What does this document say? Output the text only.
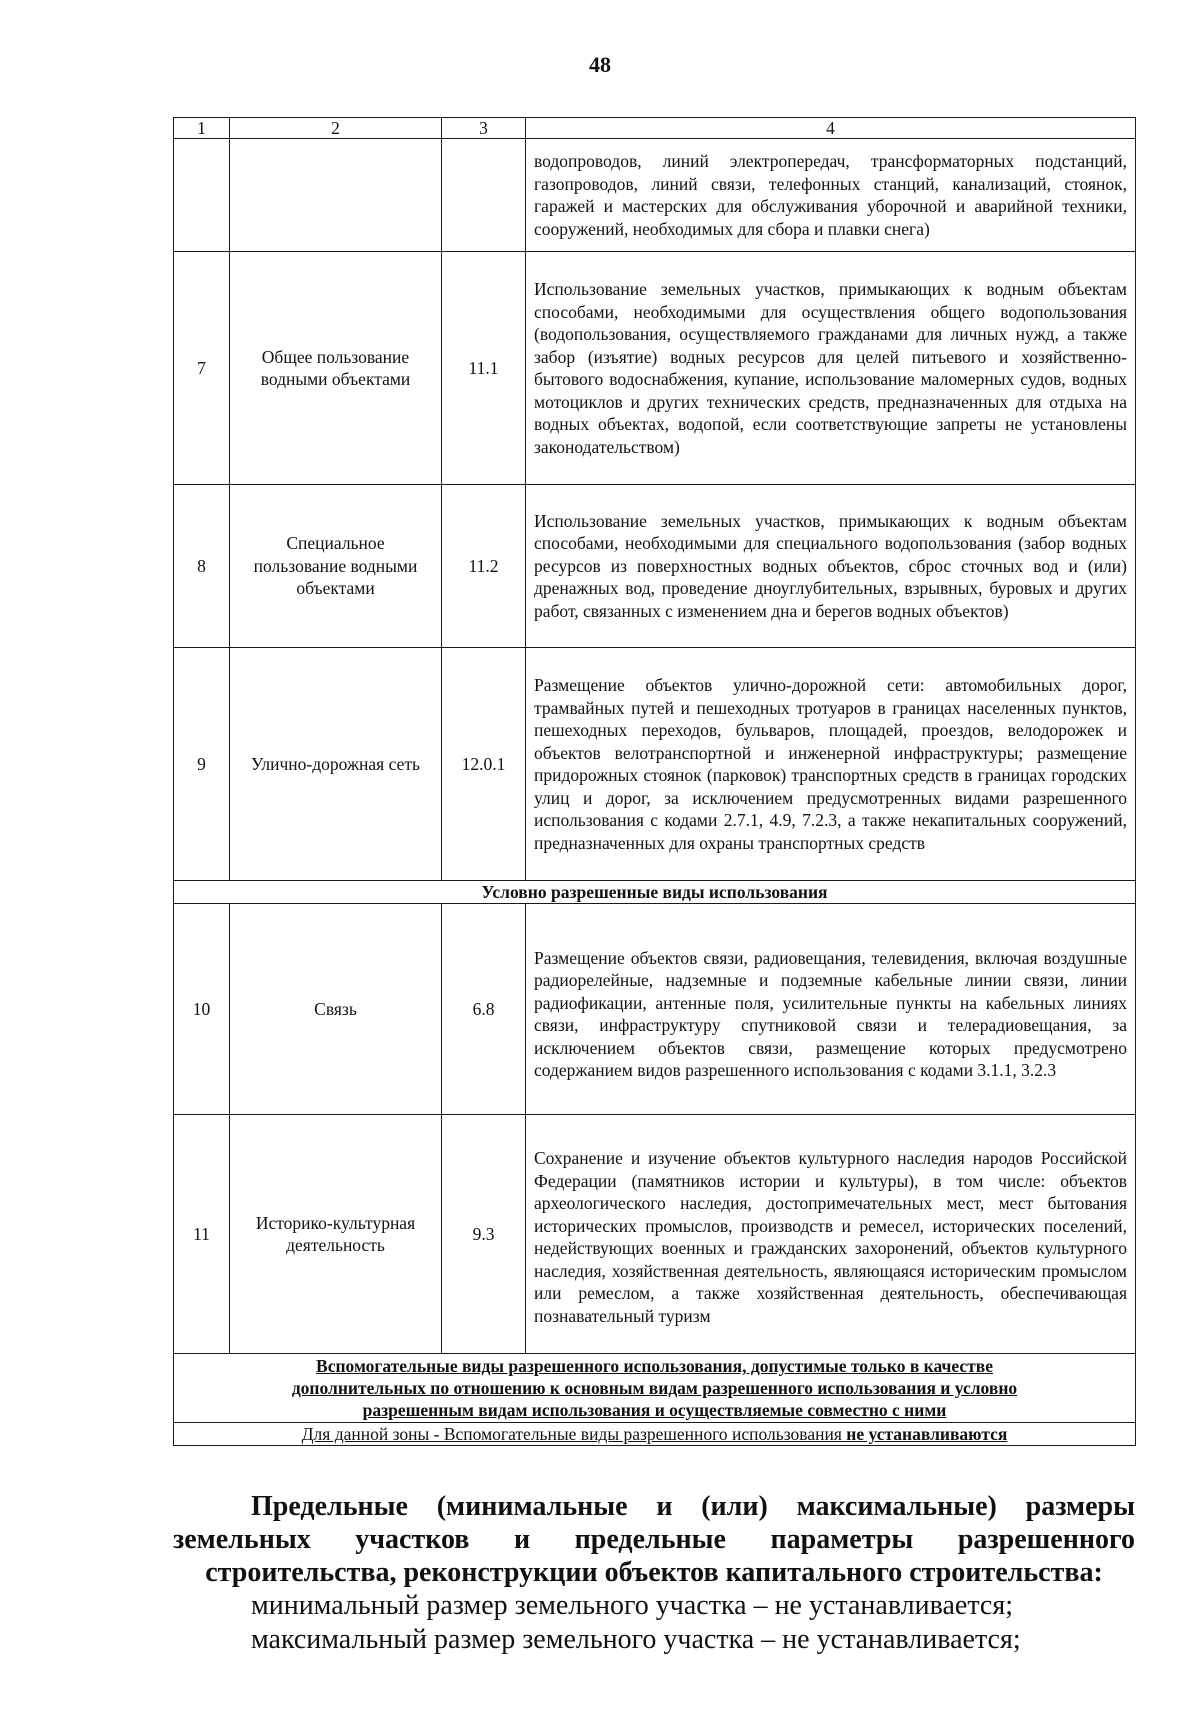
48
1	2	3	4
			водопроводов, линий электропередач, трансформаторных подстанций, газопроводов, линий связи, телефонных станций, канализаций, стоянок, гаражей и мастерских для обслуживания уборочной и аварийной техники, сооружений, необходимых для сбора и плавки снега)
7	Общее пользование водными объектами	11.1	Использование земельных участков, примыкающих к водным объектам способами, необходимыми для осуществления общего водопользования (водопользования, осуществляемого гражданами для личных нужд, а также забор (изъятие) водных ресурсов для целей питьевого и хозяйственно-бытового водоснабжения, купание, использование маломерных судов, водных мотоциклов и других технических средств, предназначенных для отдыха на водных объектах, водопой, если соответствующие запреты не установлены законодательством)
8	Специальное пользование водными объектами	11.2	Использование земельных участков, примыкающих к водным объектам способами, необходимыми для специального водопользования (забор водных ресурсов из поверхностных водных объектов, сброс сточных вод и (или) дренажных вод, проведение дноуглубительных, взрывных, буровых и других работ, связанных с изменением дна и берегов водных объектов)
9	Улично-дорожная сеть	12.0.1	Размещение объектов улично-дорожной сети: автомобильных дорог, трамвайных путей и пешеходных тротуаров в границах населенных пунктов, пешеходных переходов, бульваров, площадей, проездов, велодорожек и объектов велотранспортной и инженерной инфраструктуры; размещение придорожных стоянок (парковок) транспортных средств в границах городских улиц и дорог, за исключением предусмотренных видами разрешенного использования с кодами 2.7.1, 4.9, 7.2.3, а также некапитальных сооружений, предназначенных для охраны транспортных средств
Условно разрешенные виды использования			
10	Связь	6.8	Размещение объектов связи, радиовещания, телевидения, включая воздушные радиорелейные, надземные и подземные кабельные линии связи, линии радиофикации, антенные поля, усилительные пункты на кабельных линиях связи, инфраструктуру спутниковой связи и телерадиовещания, за исключением объектов связи, размещение которых предусмотрено содержанием видов разрешенного использования с кодами 3.1.1, 3.2.3
11	Историко-культурная деятельность	9.3	Сохранение и изучение объектов культурного наследия народов Российской Федерации (памятников истории и культуры), в том числе: объектов археологического наследия, достопримечательных мест, мест бытования исторических промыслов, производств и ремесел, исторических поселений, недействующих военных и гражданских захоронений, объектов культурного наследия, хозяйственная деятельность, являющаяся историческим промыслом или ремеслом, а также хозяйственная деятельность, обеспечивающая познавательный туризм
Вспомогательные виды разрешенного использования, допустимые только в качестве
дополнительных по отношению к основным видам разрешенного использования и условно
разрешенным видам использования и осуществляемые совместно с ними			
Для данной зоны - Вспомогательные виды разрешенного использования не устанавливаются			
Предельные (минимальные и (или) максимальные) размеры земельных участков и предельные параметры разрешенного
строительства, реконструкции объектов капитального строительства:
минимальный размер земельного участка – не устанавливается;
максимальный размер земельного участка – не устанавливается;
